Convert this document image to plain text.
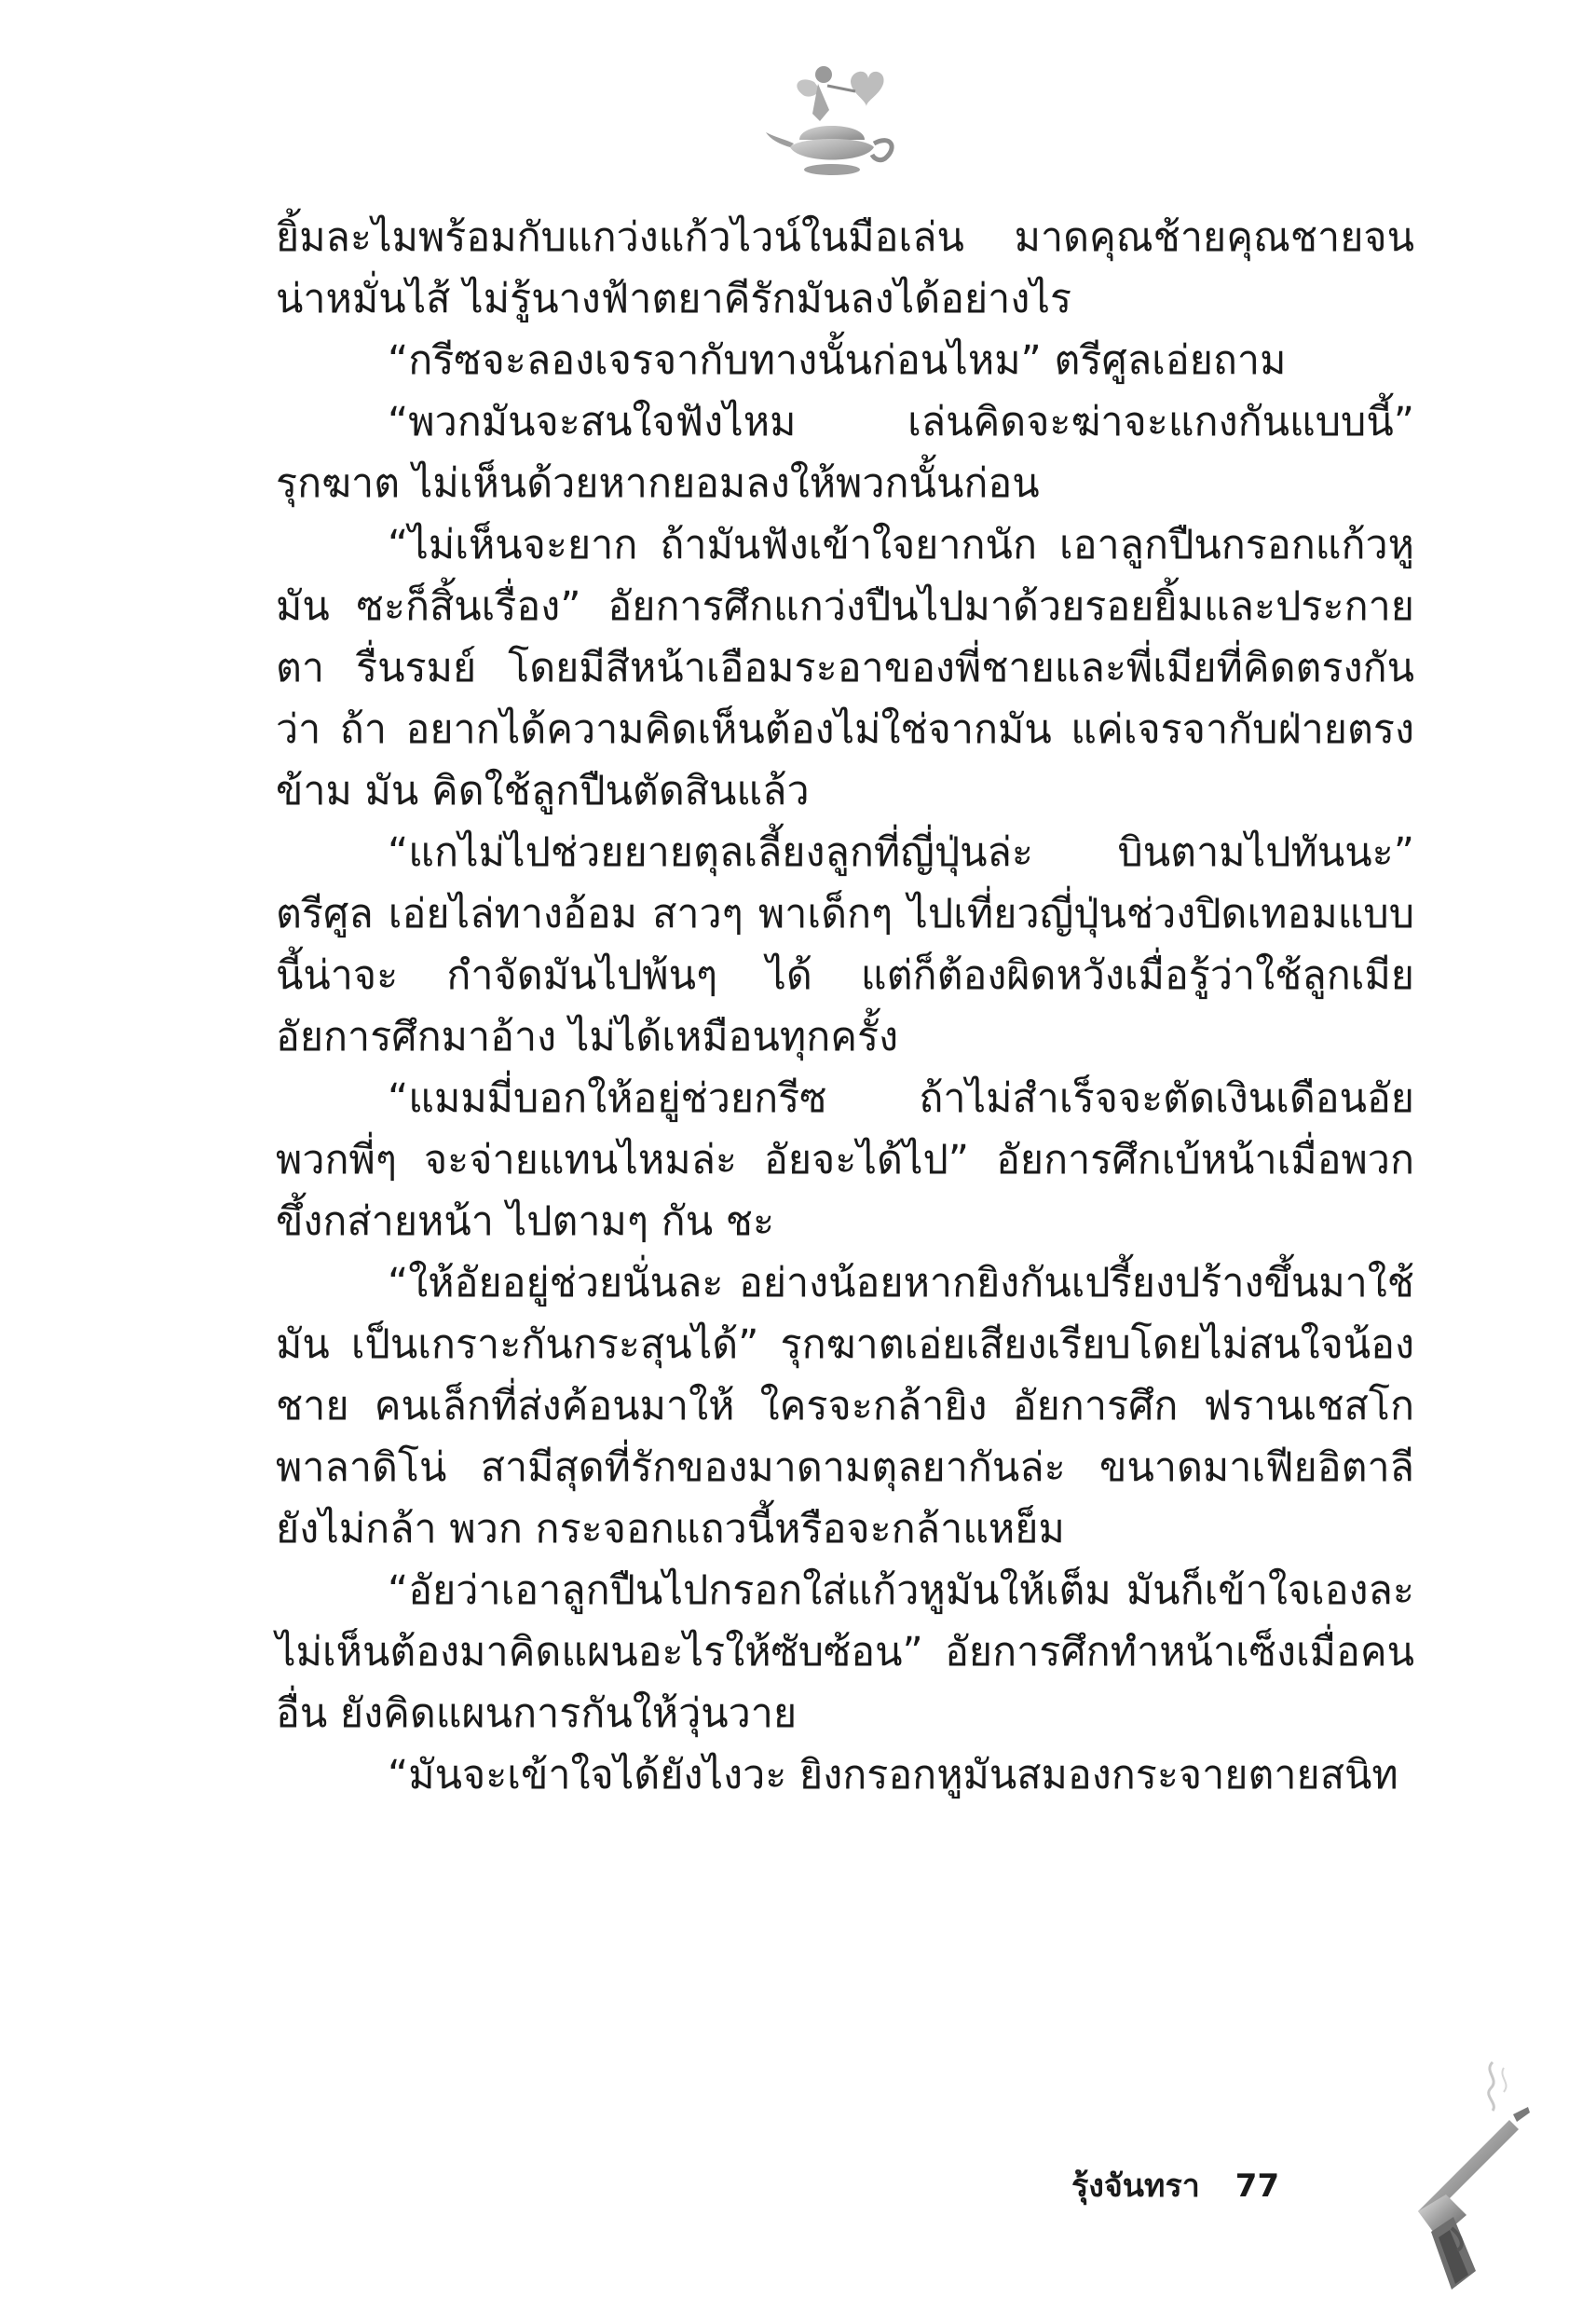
ยิ้มละไมพร้อมกับแกว่งแก้วไวน์ในมือเล่น มาดคุณช้ายคุณชายจน น่าหมั่นไส้ ไม่รู้นางฟ้าตยาคีรักมันลงได้อย่างไร

“กรีซจะลองเจรจากับทางนั้นก่อนไหม” ตรีศูลเอ่ยถาม

“พวกมันจะสนใจฟังไหม เล่นคิดจะฆ่าจะแกงกันแบบนี้” รุกฆาต ไม่เห็นด้วยหากยอมลงให้พวกนั้นก่อน

“ไม่เห็นจะยาก ถ้ามันฟังเข้าใจยากนัก เอาลูกปืนกรอกแก้วหูมัน ซะก็สิ้นเรื่อง” อัยการศึกแกว่งปืนไปมาด้วยรอยยิ้มและประกายตา รื่นรมย์ โดยมีสีหน้าเอือมระอาของพี่ชายและพี่เมียที่คิดตรงกันว่า ถ้า อยากได้ความคิดเห็นต้องไม่ใช่จากมัน แค่เจรจากับฝ่ายตรงข้าม มัน คิดใช้ลูกปืนตัดสินแล้ว

“แกไม่ไปช่วยยายตุลเลี้ยงลูกที่ญี่ปุ่นล่ะ บินตามไปทันนะ” ตรีศูล เอ่ยไล่ทางอ้อม สาวๆ พาเด็กๆ ไปเที่ยวญี่ปุ่นช่วงปิดเทอมแบบนี้น่าจะ กำจัดมันไปพ้นๆ ได้ แต่ก็ต้องผิดหวังเมื่อรู้ว่าใช้ลูกเมียอัยการศึกมาอ้าง ไม่ได้เหมือนทุกครั้ง

“แมมมี่บอกให้อยู่ช่วยกรีซ ถ้าไม่สำเร็จจะตัดเงินเดือนอัย พวกพี่ๆ จะจ่ายแทนไหมล่ะ อัยจะได้ไป” อัยการศึกเบ้หน้าเมื่อพวกขึ้งกส่ายหน้า ไปตามๆ กัน ชะ

“ให้อัยอยู่ช่วยนั่นละ อย่างน้อยหากยิงกันเปรี้ยงปร้างขึ้นมาใช้มัน เป็นเกราะกันกระสุนได้” รุกฆาตเอ่ยเสียงเรียบโดยไม่สนใจน้องชาย คนเล็กที่ส่งค้อนมาให้ ใครจะกล้ายิง อัยการศึก ฟรานเชสโก พาลาดิโน่ สามีสุดที่รักของมาดามตุลยากันล่ะ ขนาดมาเฟียอิตาลียังไม่กล้า พวก กระจอกแถวนี้หรือจะกล้าแหย็ม

“อัยว่าเอาลูกปืนไปกรอกใส่แก้วหูมันให้เต็ม มันก็เข้าใจเองละ ไม่เห็นต้องมาคิดแผนอะไรให้ซับซ้อน” อัยการศึกทำหน้าเซ็งเมื่อคนอื่น ยังคิดแผนการกันให้วุ่นวาย

“มันจะเข้าใจได้ยังไงวะ ยิงกรอกหูมันสมองกระจายตายสนิท

รุ้งจันทรา 77
